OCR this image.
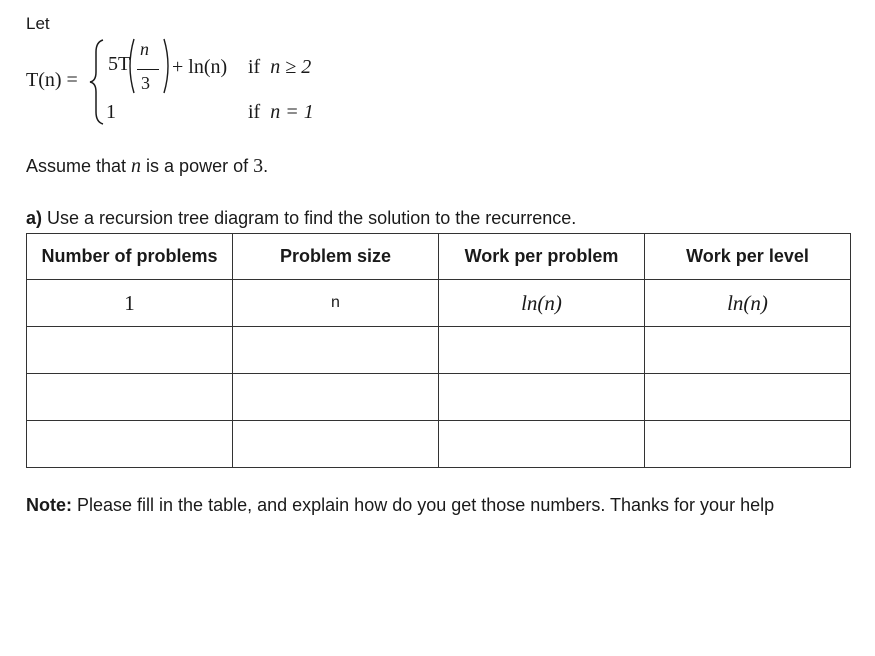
Let
T(n) =
5T
n
3
+ ln(n) if n ≥ 2
1	if n = 1
Assume that n is a power of 3.
a) Use a recursion tree diagram to find the solution to the recurrence.
Number of problems	Problem size	Work per problem	Work per level
1	n	ln(n)	ln(n)

Note: Please fill in the table, and explain how do you get those numbers. Thanks for your help
